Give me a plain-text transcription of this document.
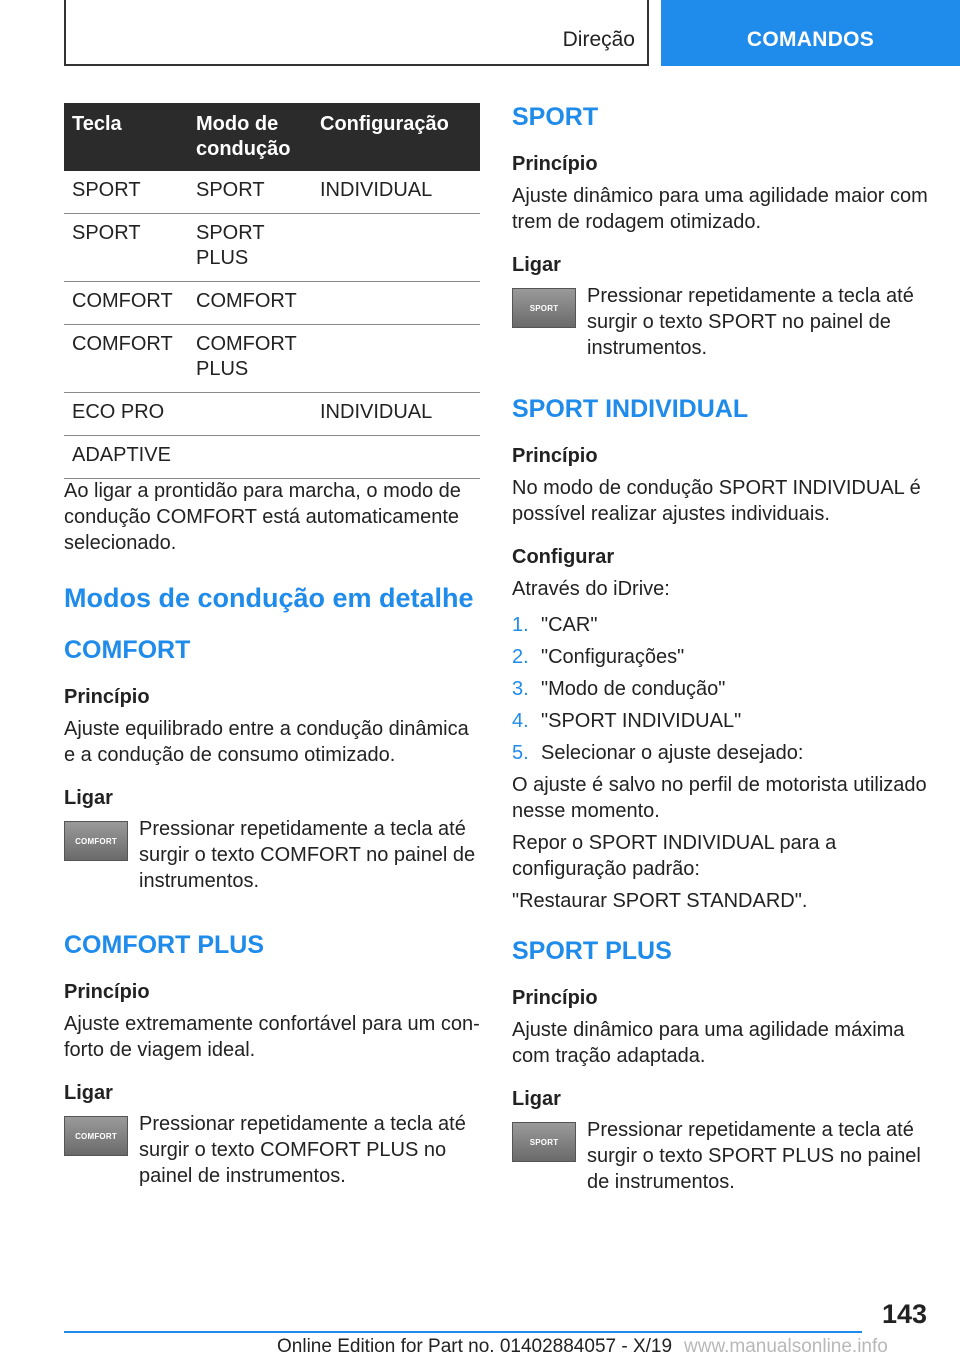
Direção	COMANDOS
Tecla	Modo de condução	Configuração
SPORT	SPORT	INDIVIDUAL
SPORT	SPORT PLUS	
COMFORT	COMFORT	
COMFORT	COMFORT PLUS	
ECO PRO		INDIVIDUAL
ADAPTIVE		

Ao ligar a prontidão para marcha, o modo de condução COMFORT está automaticamente selecionado.

Modos de condução em detalhe
COMFORT
Princípio

Ajuste equilibrado entre a condução dinâmica e a condução de consumo otimizado.

Ligar
COMFORT

Pressionar repetidamente a tecla até surgir o texto COMFORT no painel de instrumentos.

COMFORT PLUS
Princípio

Ajuste extremamente confortável para um conforto de viagem ideal.

Ligar
COMFORT

Pressionar repetidamente a tecla até surgir o texto COMFORT PLUS no painel de instrumentos.

SPORT
Princípio

Ajuste dinâmico para uma agilidade maior com trem de rodagem otimizado.

Ligar
SPORT

Pressionar repetidamente a tecla até surgir o texto SPORT no painel de instrumentos.

SPORT INDIVIDUAL
Princípio

No modo de condução SPORT INDIVIDUAL é possível realizar ajustes individuais.

Configurar

Através do iDrive:

1. "CAR"
2. "Configurações"
3. "Modo de condução"
4. "SPORT INDIVIDUAL"
5. Selecionar o ajuste desejado:

O ajuste é salvo no perfil de motorista utilizado nesse momento.

Repor o SPORT INDIVIDUAL para a configuração padrão:

"Restaurar SPORT STANDARD".

SPORT PLUS
Princípio

Ajuste dinâmico para uma agilidade máxima com tração adaptada.

Ligar
SPORT

Pressionar repetidamente a tecla até surgir o texto SPORT PLUS no painel de instrumentos.

143
Online Edition for Part no. 01402884057 - X/19 www.manualsonline.info
